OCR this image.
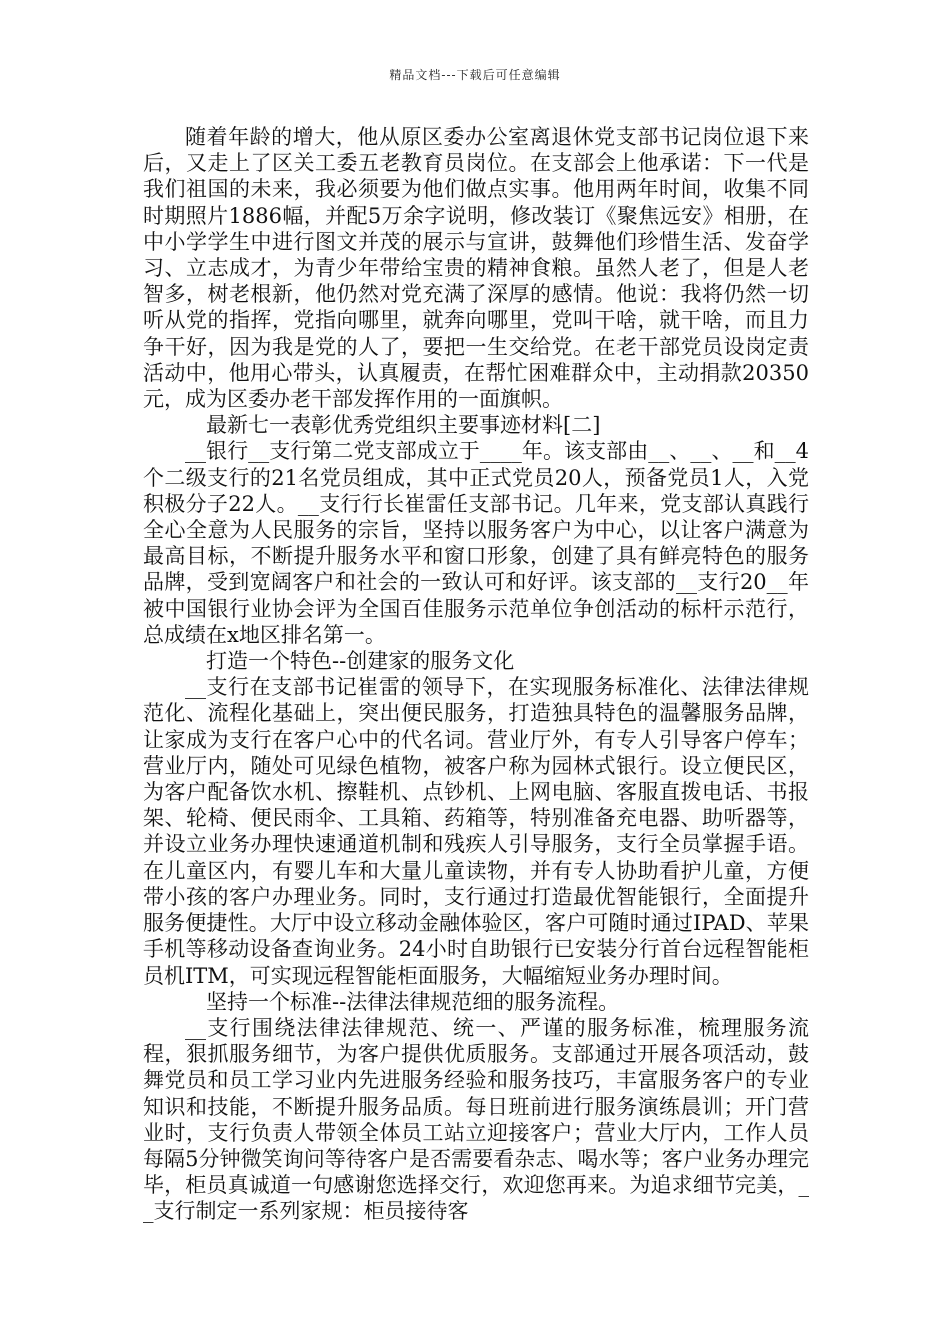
精品文档---下载后可任意编辑

随着年龄的增大，他从原区委办公室离退休党支部书记岗位退下来后，又走上了区关工委五老教育员岗位。在支部会上他承诺：下一代是我们祖国的未来，我必须要为他们做点实事。他用两年时间，收集不同时期照片1886幅，并配5万余字说明，修改装订《聚焦远安》相册，在中小学学生中进行图文并茂的展示与宣讲，鼓舞他们珍惜生活、发奋学习、立志成才，为青少年带给宝贵的精神食粮。虽然人老了，但是人老智多，树老根新，他仍然对党充满了深厚的感情。他说：我将仍然一切听从党的指挥，党指向哪里，就奔向哪里，党叫干啥，就干啥，而且力争干好，因为我是党的人了，要把一生交给党。在老干部党员设岗定责活动中，他用心带头，认真履责，在帮忙困难群众中，主动捐款20350元，成为区委办老干部发挥作用的一面旗帜。

最新七一表彰优秀党组织主要事迹材料[二]

__银行__支行第二党支部成立于____年。该支部由__、__、__和__4个二级支行的21名党员组成，其中正式党员20人，预备党员1人，入党积极分子22人。__支行行长崔雷任支部书记。几年来，党支部认真践行全心全意为人民服务的宗旨，坚持以服务客户为中心，以让客户满意为最高目标，不断提升服务水平和窗口形象，创建了具有鲜亮特色的服务品牌，受到宽阔客户和社会的一致认可和好评。该支部的__支行20__年被中国银行业协会评为全国百佳服务示范单位争创活动的标杆示范行，总成绩在x地区排名第一。

打造一个特色--创建家的服务文化

__支行在支部书记崔雷的领导下，在实现服务标准化、法律法律规范化、流程化基础上，突出便民服务，打造独具特色的温馨服务品牌，让家成为支行在客户心中的代名词。营业厅外，有专人引导客户停车；营业厅内，随处可见绿色植物，被客户称为园林式银行。设立便民区，为客户配备饮水机、擦鞋机、点钞机、上网电脑、客服直拨电话、书报架、轮椅、便民雨伞、工具箱、药箱等，特别准备充电器、助听器等，并设立业务办理快速通道机制和残疾人引导服务，支行全员掌握手语。在儿童区内，有婴儿车和大量儿童读物，并有专人协助看护儿童，方便带小孩的客户办理业务。同时，支行通过打造最优智能银行，全面提升服务便捷性。大厅中设立移动金融体验区，客户可随时通过IPAD、苹果手机等移动设备查询业务。24小时自助银行已安装分行首台远程智能柜员机ITM，可实现远程智能柜面服务，大幅缩短业务办理时间。

坚持一个标准--法律法律规范细的服务流程。

__支行围绕法律法律规范、统一、严谨的服务标准，梳理服务流程，狠抓服务细节，为客户提供优质服务。支部通过开展各项活动，鼓舞党员和员工学习业内先进服务经验和服务技巧，丰富服务客户的专业知识和技能，不断提升服务品质。每日班前进行服务演练晨训；开门营业时，支行负责人带领全体员工站立迎接客户；营业大厅内，工作人员每隔5分钟微笑询问等待客户是否需要看杂志、喝水等；客户业务办理完毕，柜员真诚道一句感谢您选择交行，欢迎您再来。为追求细节完美，__支行制定一系列家规：柜员接待客
